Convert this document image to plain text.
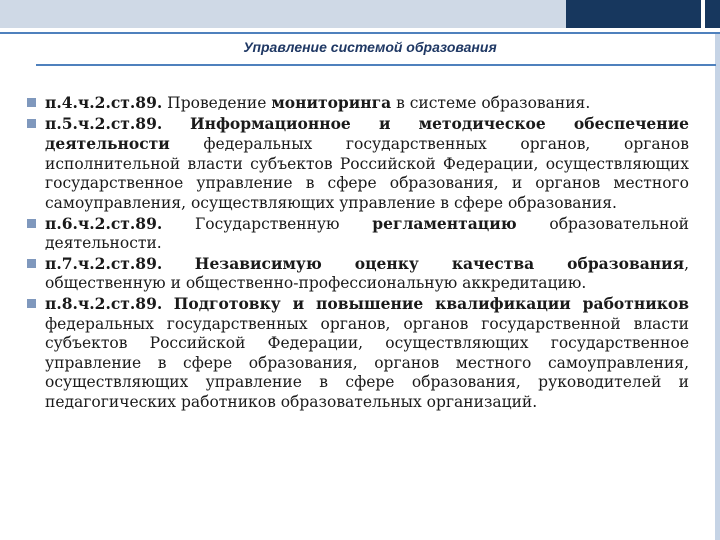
Управление системой образования
п.4.ч.2.ст.89. Проведение мониторинга в системе образования.
п.5.ч.2.ст.89. Информационное и методическое обеспечение деятельности федеральных государственных органов, органов исполнительной власти субъектов Российской Федерации, осуществляющих государственное управление в сфере образования, и органов местного самоуправления, осуществляющих управление в сфере образования.
п.6.ч.2.ст.89. Государственную регламентацию образовательной деятельности.
п.7.ч.2.ст.89. Независимую оценку качества образования, общественную и общественно-профессиональную аккредитацию.
п.8.ч.2.ст.89. Подготовку и повышение квалификации работников федеральных государственных органов, органов государственной власти субъектов Российской Федерации, осуществляющих государственное управление в сфере образования, органов местного самоуправления, осуществляющих управление в сфере образования, руководителей и педагогических работников образовательных организаций.
